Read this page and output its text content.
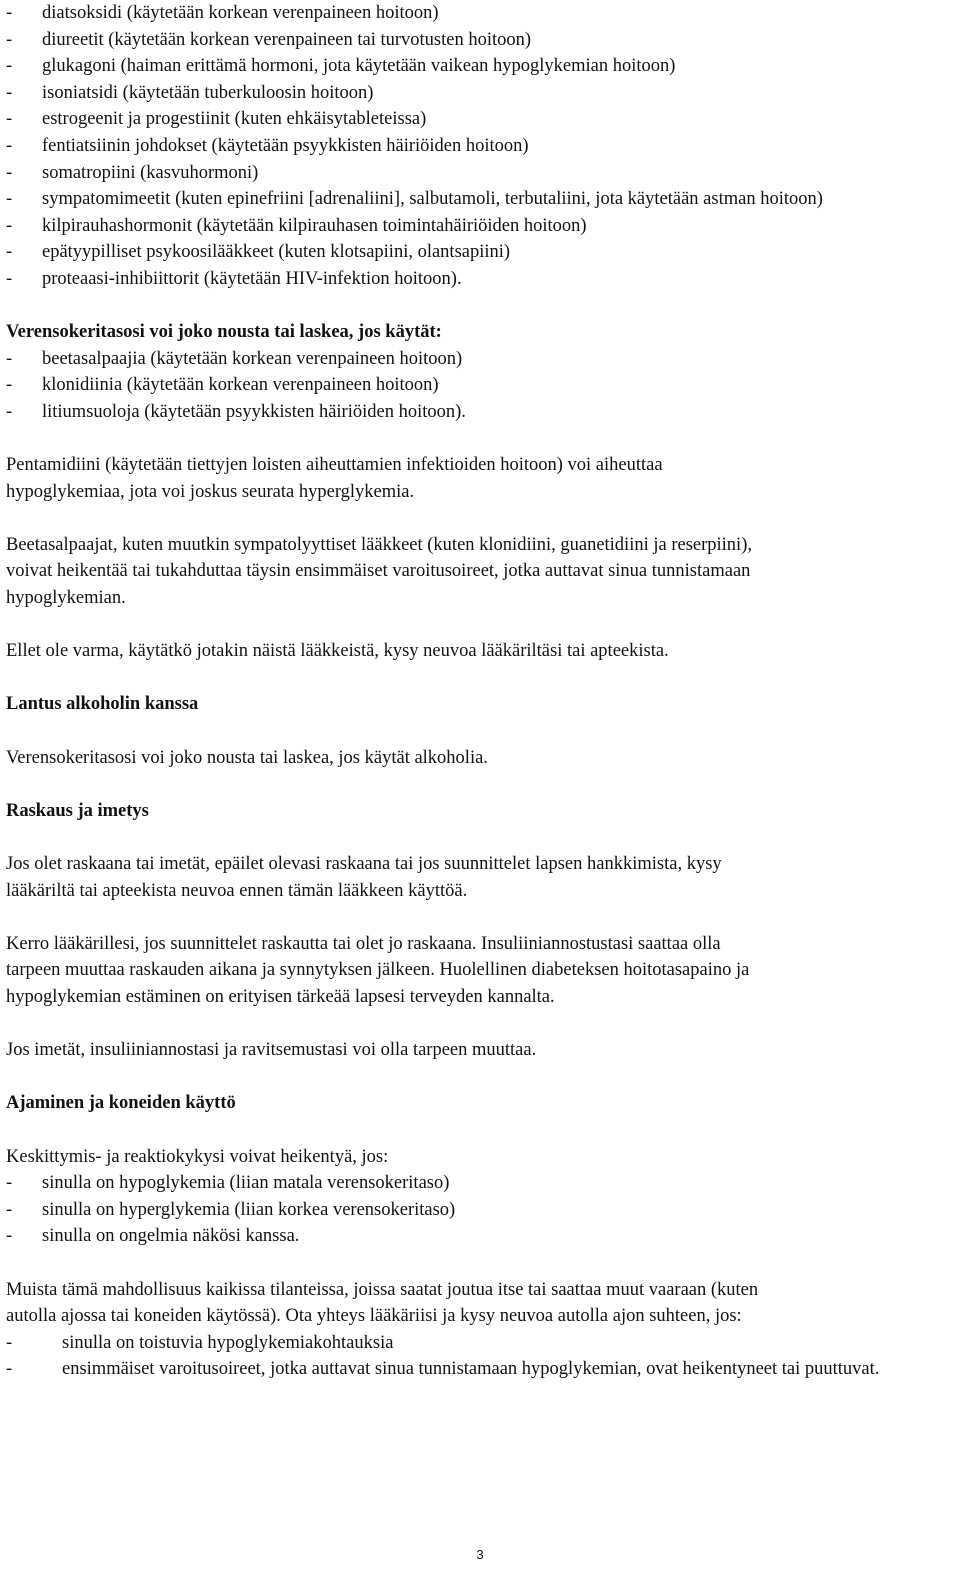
-	diatsoksidi (käytetään korkean verenpaineen hoitoon)
-	diureetit (käytetään korkean verenpaineen tai turvotusten hoitoon)
-	glukagoni (haiman erittämä hormoni, jota käytetään vaikean hypoglykemian hoitoon)
-	isoniatsidi (käytetään tuberkuloosin hoitoon)
-	estrogeenit ja progestiinit (kuten ehkäisytableteissa)
-	fentiatsiinin johdokset (käytetään psyykkisten häiriöiden hoitoon)
-	somatropiini (kasvuhormoni)
-	sympatomimeetit (kuten epinefriini [adrenaliini], salbutamoli, terbutaliini, jota käytetään astman hoitoon)
-	kilpirauhashormonit (käytetään kilpirauhasen toimintahäiriöiden hoitoon)
-	epätyypilliset psykoosilääkkeet (kuten klotsapiini, olantsapiini)
-	proteaasi-inhibiittorit (käytetään HIV-infektion hoitoon).
Verensokeritasosi voi joko nousta tai laskea, jos käytät:
-	beetasalpaajia (käytetään korkean verenpaineen hoitoon)
-	klonidiinia (käytetään korkean verenpaineen hoitoon)
-	litiumsuoloja (käytetään psyykkisten häiriöiden hoitoon).
Pentamidiini (käytetään tiettyjen loisten aiheuttamien infektioiden hoitoon) voi aiheuttaa
hypoglykemiaa, jota voi joskus seurata hyperglykemia.
Beetasalpaajat, kuten muutkin sympatolyyttiset lääkkeet (kuten klonidiini, guanetidiini ja reserpiini),
voivat heikentää tai tukahduttaa täysin ensimmäiset varoitusoireet, jotka auttavat sinua tunnistamaan
hypoglykemian.
Ellet ole varma, käytätkö jotakin näistä lääkkeistä, kysy neuvoa lääkäriltäsi tai apteekista.
Lantus alkoholin kanssa
Verensokeritasosi voi joko nousta tai laskea, jos käytät alkoholia.
Raskaus ja imetys
Jos olet raskaana tai imetät, epäilet olevasi raskaana tai jos suunnittelet lapsen hankkimista, kysy
lääkäriltä tai apteekista neuvoa ennen tämän lääkkeen käyttöä.
Kerro lääkärillesi, jos suunnittelet raskautta tai olet jo raskaana. Insuliiniannostustasi saattaa olla
tarpeen muuttaa raskauden aikana ja synnytyksen jälkeen. Huolellinen diabeteksen hoitotasapaino ja
hypoglykemian estäminen on erityisen tärkeää lapsesi terveyden kannalta.
Jos imetät, insuliiniannostasi ja ravitsemustasi voi olla tarpeen muuttaa.
Ajaminen ja koneiden käyttö
Keskittymis- ja reaktiokykysi voivat heikentyä, jos:
-	sinulla on hypoglykemia (liian matala verensokeritaso)
-	sinulla on hyperglykemia (liian korkea verensokeritaso)
-	sinulla on ongelmia näkösi kanssa.
Muista tämä mahdollisuus kaikissa tilanteissa, joissa saatat joutua itse tai saattaa muut vaaraan (kuten
autolla ajossa tai koneiden käytössä). Ota yhteys lääkäriisi ja kysy neuvoa autolla ajon suhteen, jos:
-	sinulla on toistuvia hypoglykemiakohtauksia
-	ensimmäiset varoitusoireet, jotka auttavat sinua tunnistamaan hypoglykemian, ovat heikentyneet tai puuttuvat.
3
